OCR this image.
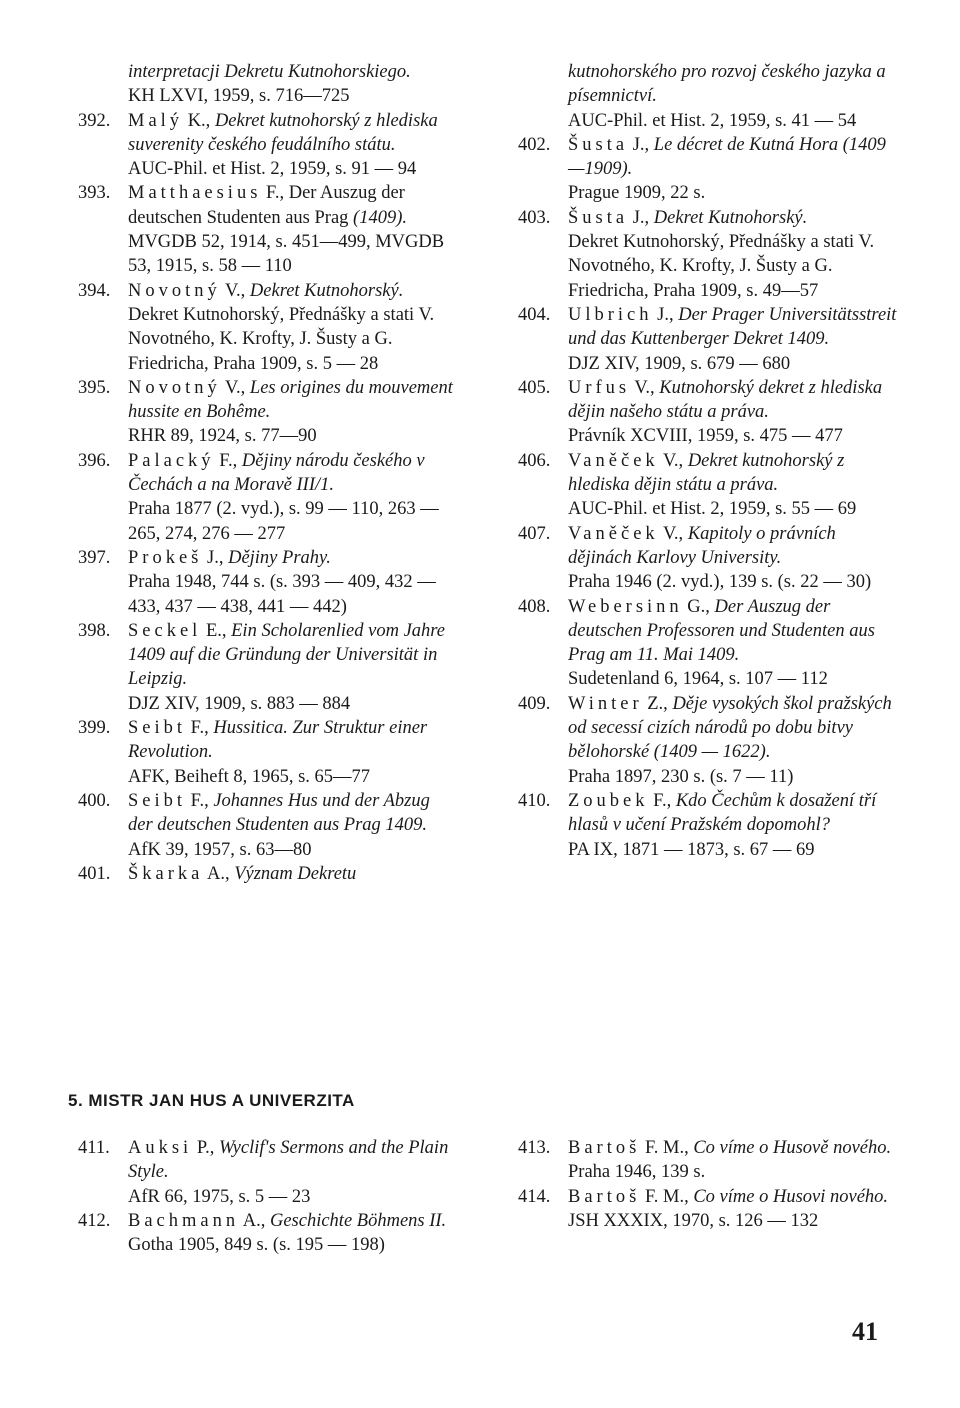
interpretacji Dekretu Kutnohorskiego.
KH LXVI, 1959, s. 716—725
392. Malý K., Dekret kutnohorský z hlediska suverenity českého feudálního státu.
AUC-Phil. et Hist. 2, 1959, s. 91 — 94
393. Matthaesius F., Der Auszug der deutschen Studenten aus Prag (1409).
MVGDB 52, 1914, s. 451—499, MVGDB 53, 1915, s. 58 — 110
394. Novotný V., Dekret Kutnohorský.
Dekret Kutnohorský, Přednášky a stati V. Novotného, K. Krofty, J. Šusty a G. Friedricha, Praha 1909, s. 5 — 28
395. Novotný V., Les origines du mouvement hussite en Bohême.
RHR 89, 1924, s. 77—90
396. Palacký F., Dějiny národu českého v Čechách a na Moravě III/1.
Praha 1877 (2. vyd.), s. 99 — 110, 263 — 265, 274, 276 — 277
397. Prokeš J., Dějiny Prahy.
Praha 1948, 744 s. (s. 393 — 409, 432 — 433, 437 — 438, 441 — 442)
398. Seckel E., Ein Scholarenlied vom Jahre 1409 auf die Gründung der Universität in Leipzig.
DJZ XIV, 1909, s. 883 — 884
399. Seibt F., Hussitica. Zur Struktur einer Revolution.
AFK, Beiheft 8, 1965, s. 65—77
400. Seibt F., Johannes Hus und der Abzug der deutschen Studenten aus Prag 1409.
AfK 39, 1957, s. 63—80
401. Škarka A., Význam Dekretu
kutnohorského pro rozvoj českého jazyka a písemnictví.
AUC-Phil. et Hist. 2, 1959, s. 41 — 54
402. Šusta J., Le décret de Kutná Hora (1409—1909).
Prague 1909, 22 s.
403. Šusta J., Dekret Kutnohorský.
Dekret Kutnohorský, Přednášky a stati V. Novotného, K. Krofty, J. Šusty a G. Friedricha, Praha 1909, s. 49—57
404. Ulbrich J., Der Prager Universitätsstreit und das Kuttenberger Dekret 1409.
DJZ XIV, 1909, s. 679 — 680
405. Urfus V., Kutnohorský dekret z hlediska dějin našeho státu a práva.
Právník XCVIII, 1959, s. 475 — 477
406. Vaněček V., Dekret kutnohorský z hlediska dějin státu a práva.
AUC-Phil. et Hist. 2, 1959, s. 55 — 69
407. Vaněček V., Kapitoly o právních dějinách Karlovy University.
Praha 1946 (2. vyd.), 139 s. (s. 22 — 30)
408. Webersinn G., Der Auszug der deutschen Professoren und Studenten aus Prag am 11. Mai 1409.
Sudetenland 6, 1964, s. 107 — 112
409. Winter Z., Děje vysokých škol pražských od secessí cizích národů po dobu bitvy bělohorské (1409 — 1622).
Praha 1897, 230 s. (s. 7 — 11)
410. Zoubek F., Kdo Čechům k dosažení tří hlasů v učení Pražském dopomohl?
PA IX, 1871 — 1873, s. 67 — 69
5. MISTR JAN HUS A UNIVERZITA
411. Auksi P., Wyclif's Sermons and the Plain Style.
AfR 66, 1975, s. 5 — 23
412. Bachmann A., Geschichte Böhmens II.
Gotha 1905, 849 s. (s. 195 — 198)
413. Bartoš F. M., Co víme o Husově nového.
Praha 1946, 139 s.
414. Bartoš F. M., Co víme o Husovi nového.
JSH XXXIX, 1970, s. 126 — 132
41
